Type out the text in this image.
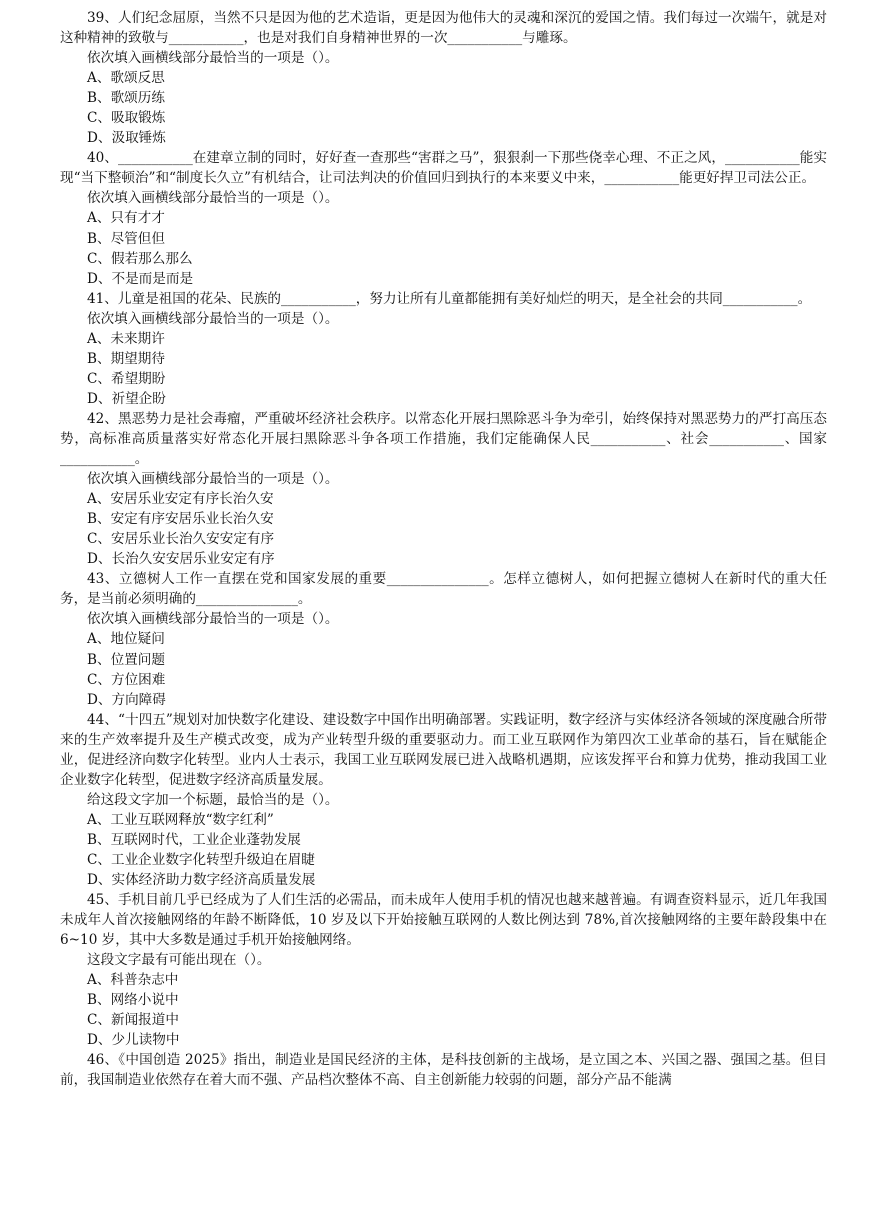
39、人们纪念屈原，当然不只是因为他的艺术造诣，更是因为他伟大的灵魂和深沉的爱国之情。我们每过一次端午，就是对这种精神的致敬与___________，也是对我们自身精神世界的一次___________与雕琢。

依次填入画横线部分最恰当的一项是（）。

A、歌颂反思

B、歌颂历练

C、吸取锻炼

D、汲取锤炼

40、___________在建章立制的同时，好好查一查那些“害群之马”，狠狠刹一下那些侥幸心理、不正之风，___________能实现“当下整顿治”和“制度长久立”有机结合，让司法判决的价值回归到执行的本来要义中来，___________能更好捍卫司法公正。

依次填入画横线部分最恰当的一项是（）。

A、只有才才

B、尽管但但

C、假若那么那么

D、不是而是而是

41、儿童是祖国的花朵、民族的___________，努力让所有儿童都能拥有美好灿烂的明天，是全社会的共同___________。

依次填入画横线部分最恰当的一项是（）。

A、未来期许

B、期望期待

C、希望期盼

D、祈望企盼

42、黑恶势力是社会毒瘤，严重破坏经济社会秩序。以常态化开展扫黑除恶斗争为牵引，始终保持对黑恶势力的严打高压态势，高标准高质量落实好常态化开展扫黑除恶斗争各项工作措施，我们定能确保人民___________、社会___________、国家___________。

依次填入画横线部分最恰当的一项是（）。

A、安居乐业安定有序长治久安

B、安定有序安居乐业长治久安

C、安居乐业长治久安安定有序

D、长治久安安居乐业安定有序

43、立德树人工作一直摆在党和国家发展的重要_______________。怎样立德树人，如何把握立德树人在新时代的重大任务，是当前必须明确的_______________。

依次填入画横线部分最恰当的一项是（）。

A、地位疑问

B、位置问题

C、方位困难

D、方向障碍

44、“十四五”规划对加快数字化建设、建设数字中国作出明确部署。实践证明，数字经济与实体经济各领域的深度融合所带来的生产效率提升及生产模式改变，成为产业转型升级的重要驱动力。而工业互联网作为第四次工业革命的基石，旨在赋能企业，促进经济向数字化转型。业内人士表示，我国工业互联网发展已进入战略机遇期，应该发挥平台和算力优势，推动我国工业企业数字化转型，促进数字经济高质量发展。

给这段文字加一个标题，最恰当的是（）。

A、工业互联网释放“数字红利”

B、互联网时代，工业企业蓬勃发展

C、工业企业数字化转型升级迫在眉睫

D、实体经济助力数字经济高质量发展

45、手机目前几乎已经成为了人们生活的必需品，而未成年人使用手机的情况也越来越普遍。有调查资料显示，近几年我国未成年人首次接触网络的年龄不断降低，10 岁及以下开始接触互联网的人数比例达到 78%,首次接触网络的主要年龄段集中在 6~10 岁，其中大多数是通过手机开始接触网络。

这段文字最有可能出现在（）。

A、科普杂志中

B、网络小说中

C、新闻报道中

D、少儿读物中

46、《中国创造 2025》指出，制造业是国民经济的主体，是科技创新的主战场，是立国之本、兴国之器、强国之基。但目前，我国制造业依然存在着大而不强、产品档次整体不高、自主创新能力较弱的问题，部分产品不能满
